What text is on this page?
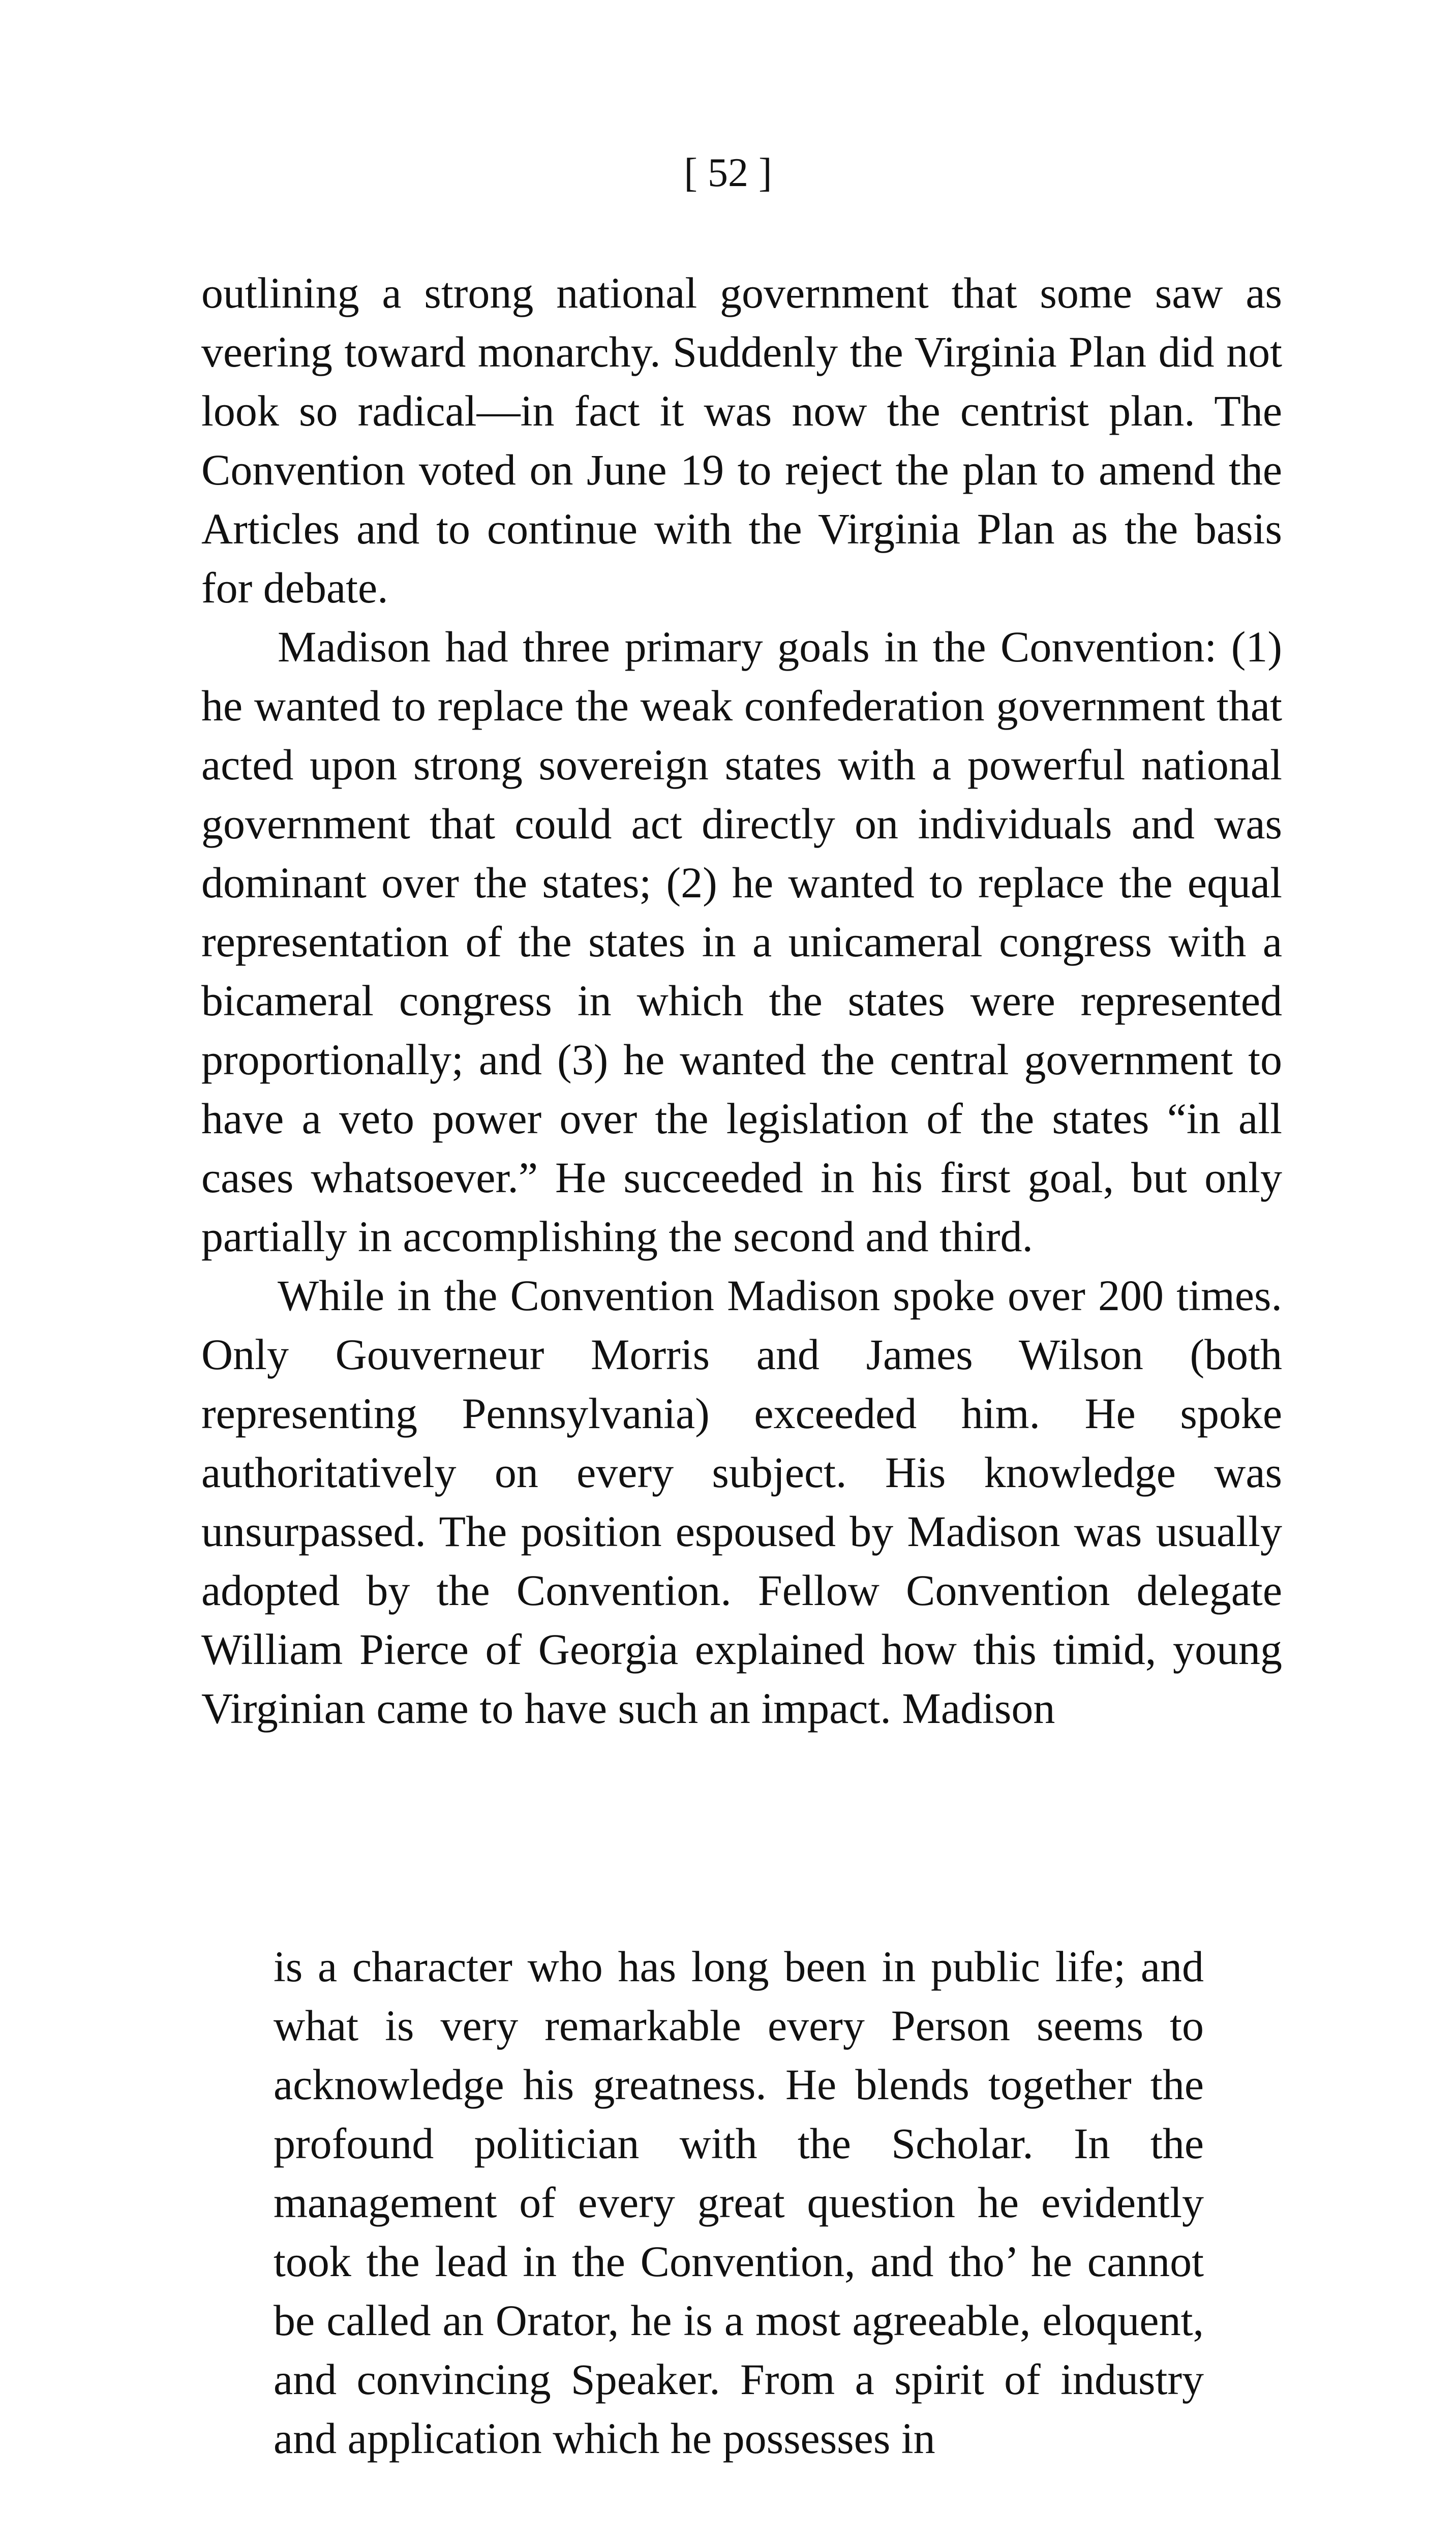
[ 52 ]

outlining a strong national government that some saw as veering toward monarchy. Suddenly the Virginia Plan did not look so radical—in fact it was now the centrist plan. The Convention voted on June 19 to reject the plan to amend the Articles and to continue with the Virginia Plan as the basis for debate.

Madison had three primary goals in the Convention: (1) he wanted to replace the weak confederation government that acted upon strong sovereign states with a powerful national government that could act directly on individuals and was dominant over the states; (2) he wanted to replace the equal representation of the states in a unicameral congress with a bicameral congress in which the states were represented proportionally; and (3) he wanted the central government to have a veto power over the legislation of the states “in all cases whatsoever.” He succeeded in his first goal, but only partially in accomplishing the second and third.

While in the Convention Madison spoke over 200 times. Only Gouverneur Morris and James Wilson (both representing Pennsylvania) exceeded him. He spoke authoritatively on every subject. His knowledge was unsurpassed. The position espoused by Madison was usually adopted by the Convention. Fellow Convention delegate William Pierce of Georgia explained how this timid, young Virginian came to have such an impact. Madison

is a character who has long been in public life; and what is very remarkable every Person seems to acknowledge his greatness. He blends together the profound politician with the Scholar. In the management of every great question he evidently took the lead in the Convention, and tho’ he cannot be called an Orator, he is a most agreeable, eloquent, and convincing Speaker. From a spirit of industry and application which he possesses in
